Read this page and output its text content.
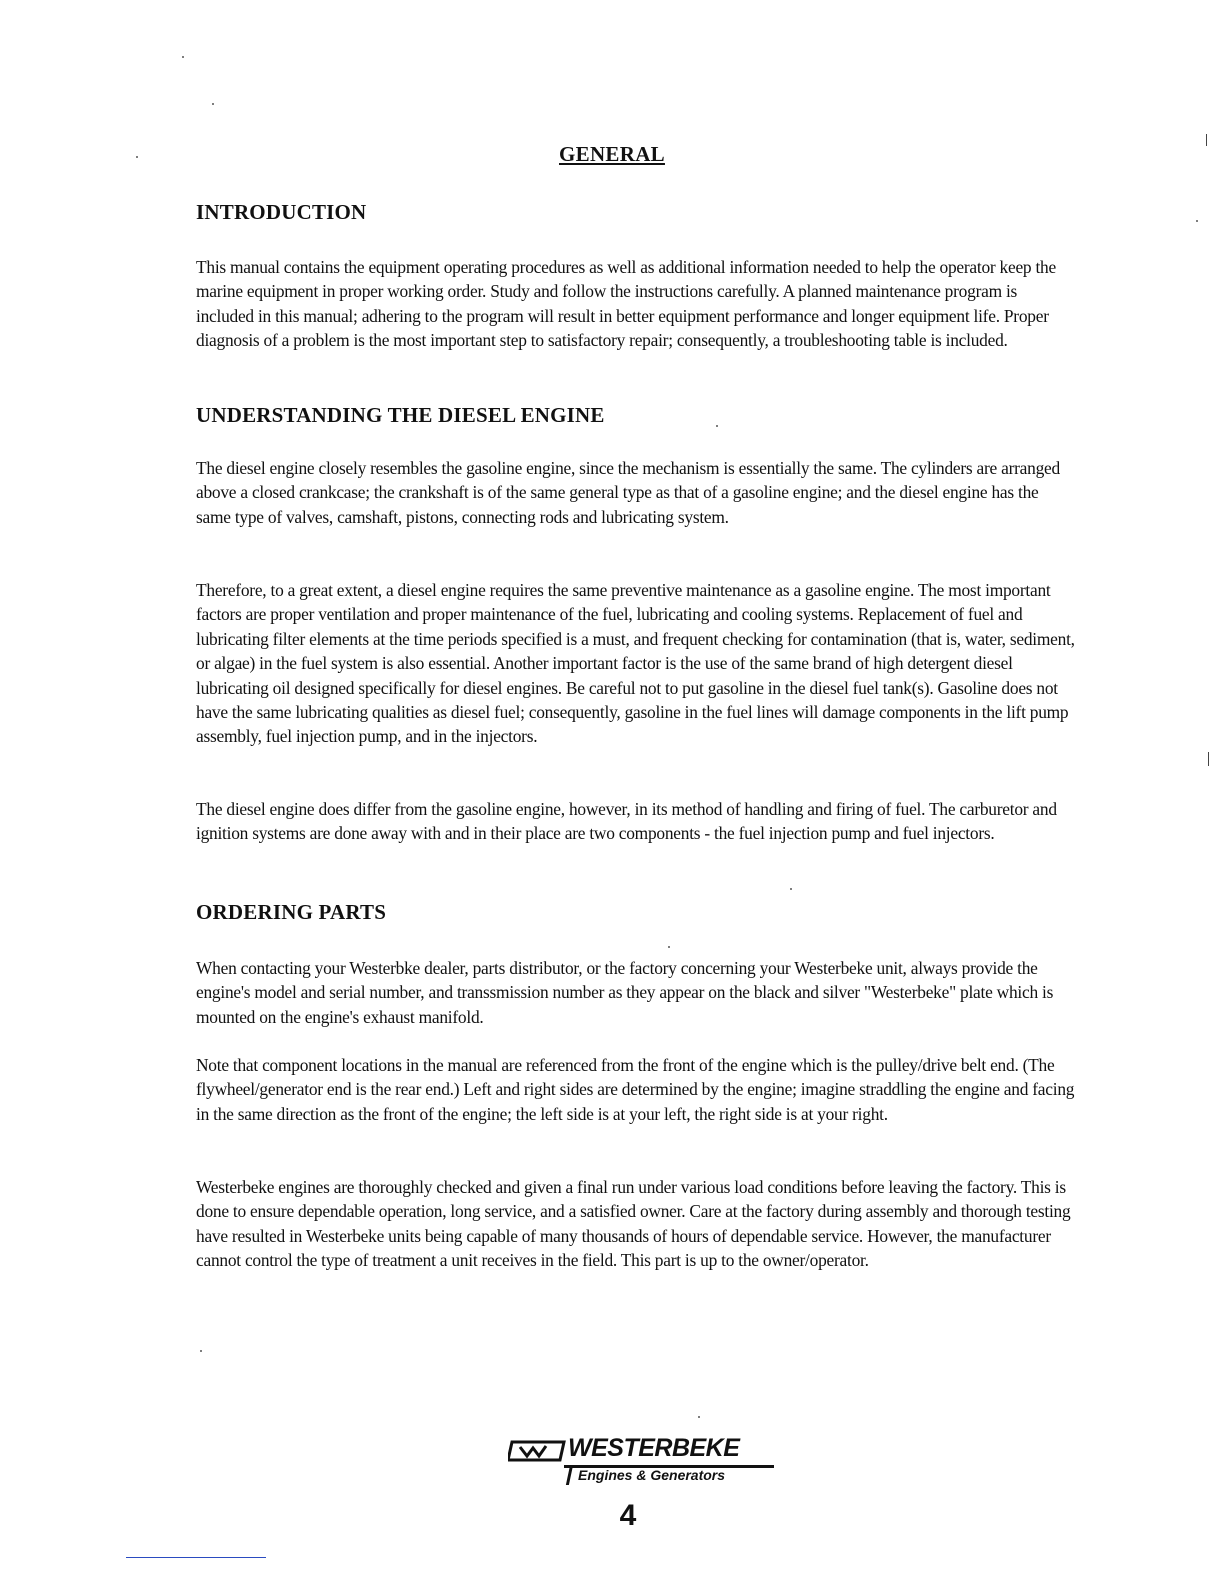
GENERAL
INTRODUCTION

This manual contains the equipment operating procedures as well as additional information needed to help the operator keep the marine equipment in proper working order. Study and follow the instructions carefully. A planned maintenance program is included in this manual; adhering to the program will result in better equipment performance and longer equipment life. Proper diagnosis of a problem is the most important step to satisfactory repair; consequently, a troubleshooting table is included.

UNDERSTANDING THE DIESEL ENGINE

The diesel engine closely resembles the gasoline engine, since the mechanism is essentially the same. The cylinders are arranged above a closed crankcase; the crankshaft is of the same general type as that of a gasoline engine; and the diesel engine has the same type of valves, camshaft, pistons, connecting rods and lubricating system.

Therefore, to a great extent, a diesel engine requires the same preventive maintenance as a gasoline engine. The most important factors are proper ventilation and proper maintenance of the fuel, lubricating and cooling systems. Replacement of fuel and lubricating filter elements at the time periods specified is a must, and frequent checking for contamination (that is, water, sediment, or algae) in the fuel system is also essential. Another important factor is the use of the same brand of high detergent diesel lubricating oil designed specifically for diesel engines. Be careful not to put gasoline in the diesel fuel tank(s). Gasoline does not have the same lubricating qualities as diesel fuel; consequently, gasoline in the fuel lines will damage components in the lift pump assembly, fuel injection pump, and in the injectors.

The diesel engine does differ from the gasoline engine, however, in its method of handling and firing of fuel. The carburetor and ignition systems are done away with and in their place are two components - the fuel injection pump and fuel injectors.

ORDERING PARTS

When contacting your Westerbke dealer, parts distributor, or the factory concerning your Westerbeke unit, always provide the engine's model and serial number, and transsmission number as they appear on the black and silver "Westerbeke" plate which is mounted on the engine's exhaust manifold.

Note that component locations in the manual are referenced from the front of the engine which is the pulley/drive belt end. (The flywheel/generator end is the rear end.) Left and right sides are determined by the engine; imagine straddling the engine and facing in the same direction as the front of the engine; the left side is at your left, the right side is at your right.

Westerbeke engines are thoroughly checked and given a final run under various load conditions before leaving the factory. This is done to ensure dependable operation, long service, and a satisfied owner. Care at the factory during assembly and thorough testing have resulted in Westerbeke units being capable of many thousands of hours of dependable service. However, the manufacturer cannot control the type of treatment a unit receives in the field. This part is up to the owner/operator.

WESTERBEKE
Engines & Generators
4
